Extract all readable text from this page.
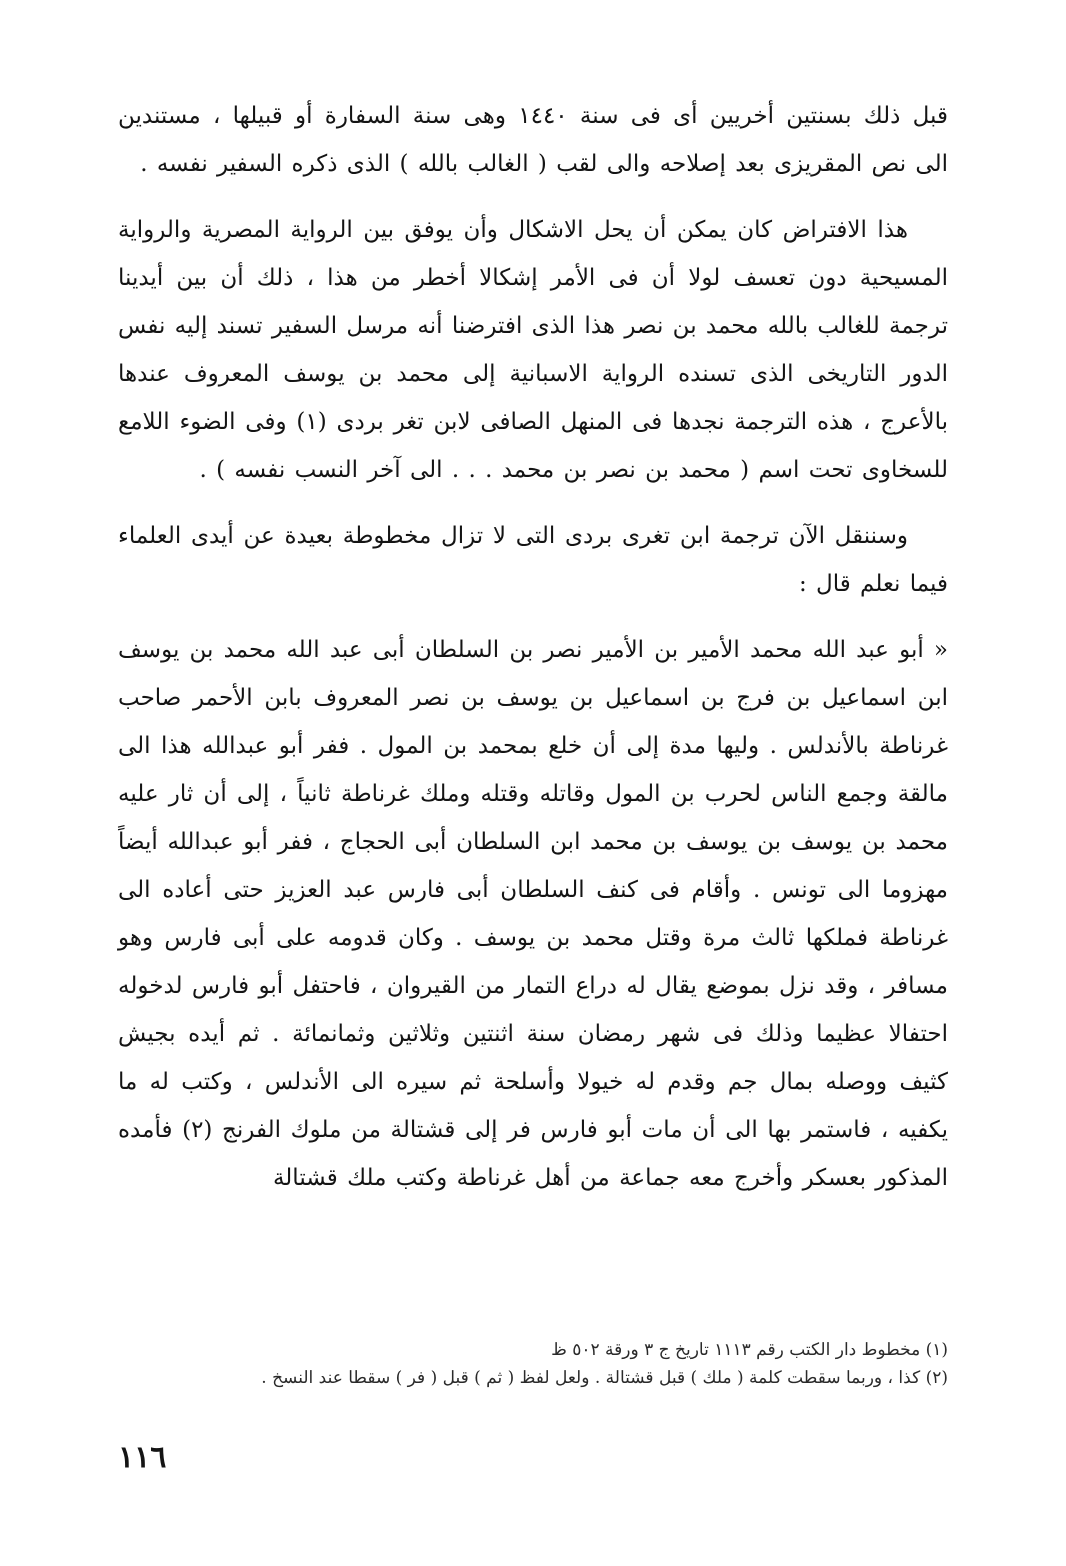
قبل ذلك بسنتين أخريين أى فى سنة ١٤٤٠ وهى سنة السفارة أو قبيلها ، مستندين الى نص المقريزى بعد إصلاحه والى لقب ( الغالب بالله ) الذى ذكره السفير نفسه .

هذا الافتراض كان يمكن أن يحل الاشكال وأن يوفق بين الرواية المصرية والرواية المسيحية دون تعسف لولا أن فى الأمر إشكالا أخطر من هذا ، ذلك أن بين أيدينا ترجمة للغالب بالله محمد بن نصر هذا الذى افترضنا أنه مرسل السفير تسند إليه نفس الدور التاريخى الذى تسنده الرواية الاسبانية إلى محمد بن يوسف المعروف عندها بالأعرج ، هذه الترجمة نجدها فى المنهل الصافى لابن تغر بردى (١) وفى الضوء اللامع للسخاوى تحت اسم ( محمد بن نصر بن محمد . . . الى آخر النسب نفسه ) .

وسننقل الآن ترجمة ابن تغرى بردى التى لا تزال مخطوطة بعيدة عن أيدى العلماء فيما نعلم قال :

« أبو عبد الله محمد الأمير بن الأمير نصر بن السلطان أبى عبد الله محمد بن يوسف ابن اسماعيل بن فرج بن اسماعيل بن يوسف بن نصر المعروف بابن الأحمر صاحب غرناطة بالأندلس . وليها مدة إلى أن خلع بمحمد بن المول . ففر أبو عبدالله هذا الى مالقة وجمع الناس لحرب بن المول وقاتله وقتله وملك غرناطة ثانياً ، إلى أن ثار عليه محمد بن يوسف بن يوسف بن محمد ابن السلطان أبى الحجاج ، ففر أبو عبدالله أيضاً مهزوما الى تونس . وأقام فى كنف السلطان أبى فارس عبد العزيز حتى أعاده الى غرناطة فملكها ثالث مرة وقتل محمد بن يوسف . وكان قدومه على أبى فارس وهو مسافر ، وقد نزل بموضع يقال له دراع التمار من القيروان ، فاحتفل أبو فارس لدخوله احتفالا عظيما وذلك فى شهر رمضان سنة اثنتين وثلاثين وثمانمائة . ثم أيده بجيش كثيف ووصله بمال جم وقدم له خيولا وأسلحة ثم سيره الى الأندلس ، وكتب له ما يكفيه ، فاستمر بها الى أن مات أبو فارس فر إلى قشتالة من ملوك الفرنج (٢) فأمده المذكور بعسكر وأخرج معه جماعة من أهل غرناطة وكتب ملك قشتالة

(١) مخطوط دار الكتب رقم ١١١٣ تاريخ ج ٣ ورقة ٥٠٢ ظ

(٢) كذا ، وربما سقطت كلمة ( ملك ) قبل قشتالة . ولعل لفظ ( ثم ) قبل ( فر ) سقطا عند النسخ .

١١٦
